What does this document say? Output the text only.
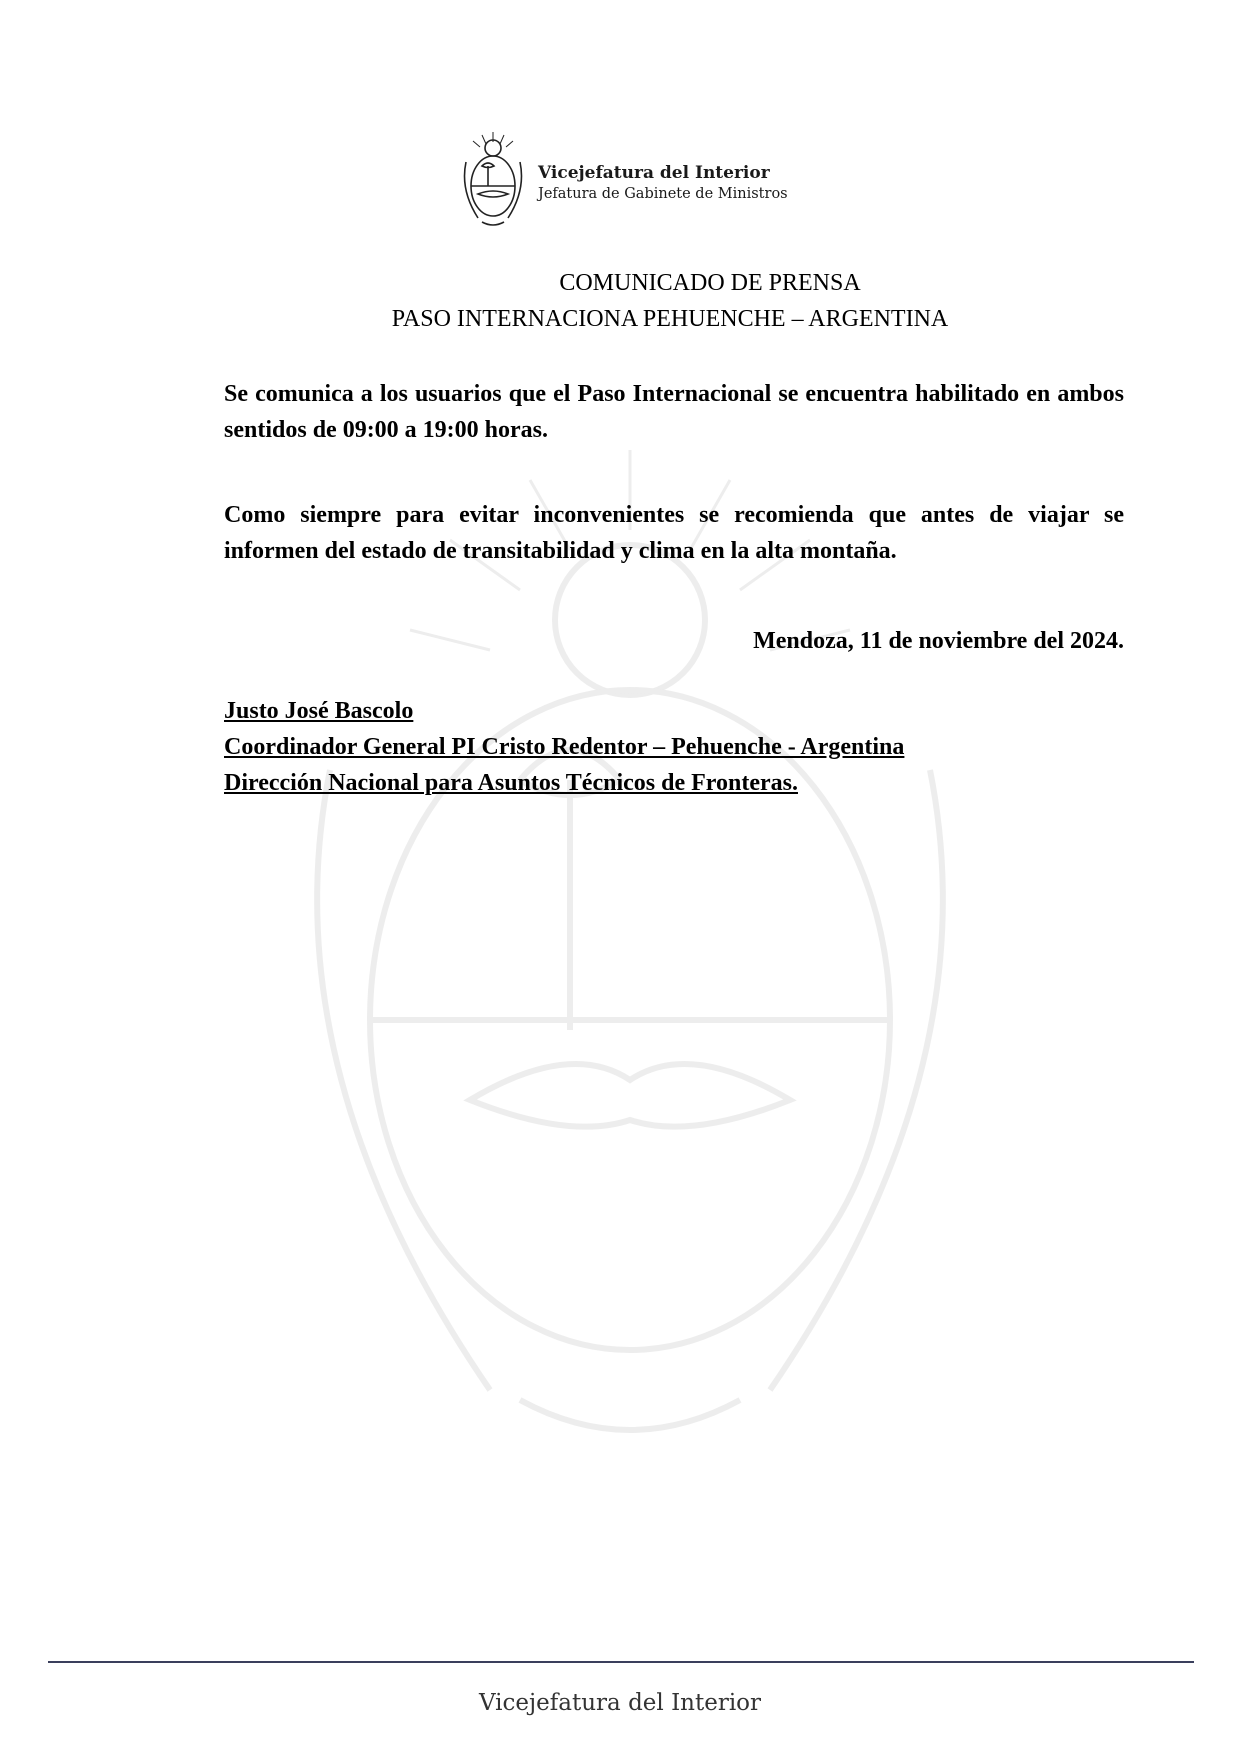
Vicejefatura del Interior
Jefatura de Gabinete de Ministros
COMUNICADO DE PRENSA
PASO INTERNACIONA PEHUENCHE – ARGENTINA
Se comunica a los usuarios que el Paso Internacional se encuentra habilitado en ambos sentidos de 09:00 a 19:00 horas.
Como siempre para evitar inconvenientes se recomienda que antes de viajar se informen del estado de transitabilidad y clima en la alta montaña.
Mendoza, 11 de noviembre del 2024.
Justo José Bascolo
Coordinador General PI Cristo Redentor – Pehuenche - Argentina
Dirección Nacional para Asuntos Técnicos de Fronteras.
Vicejefatura del Interior
